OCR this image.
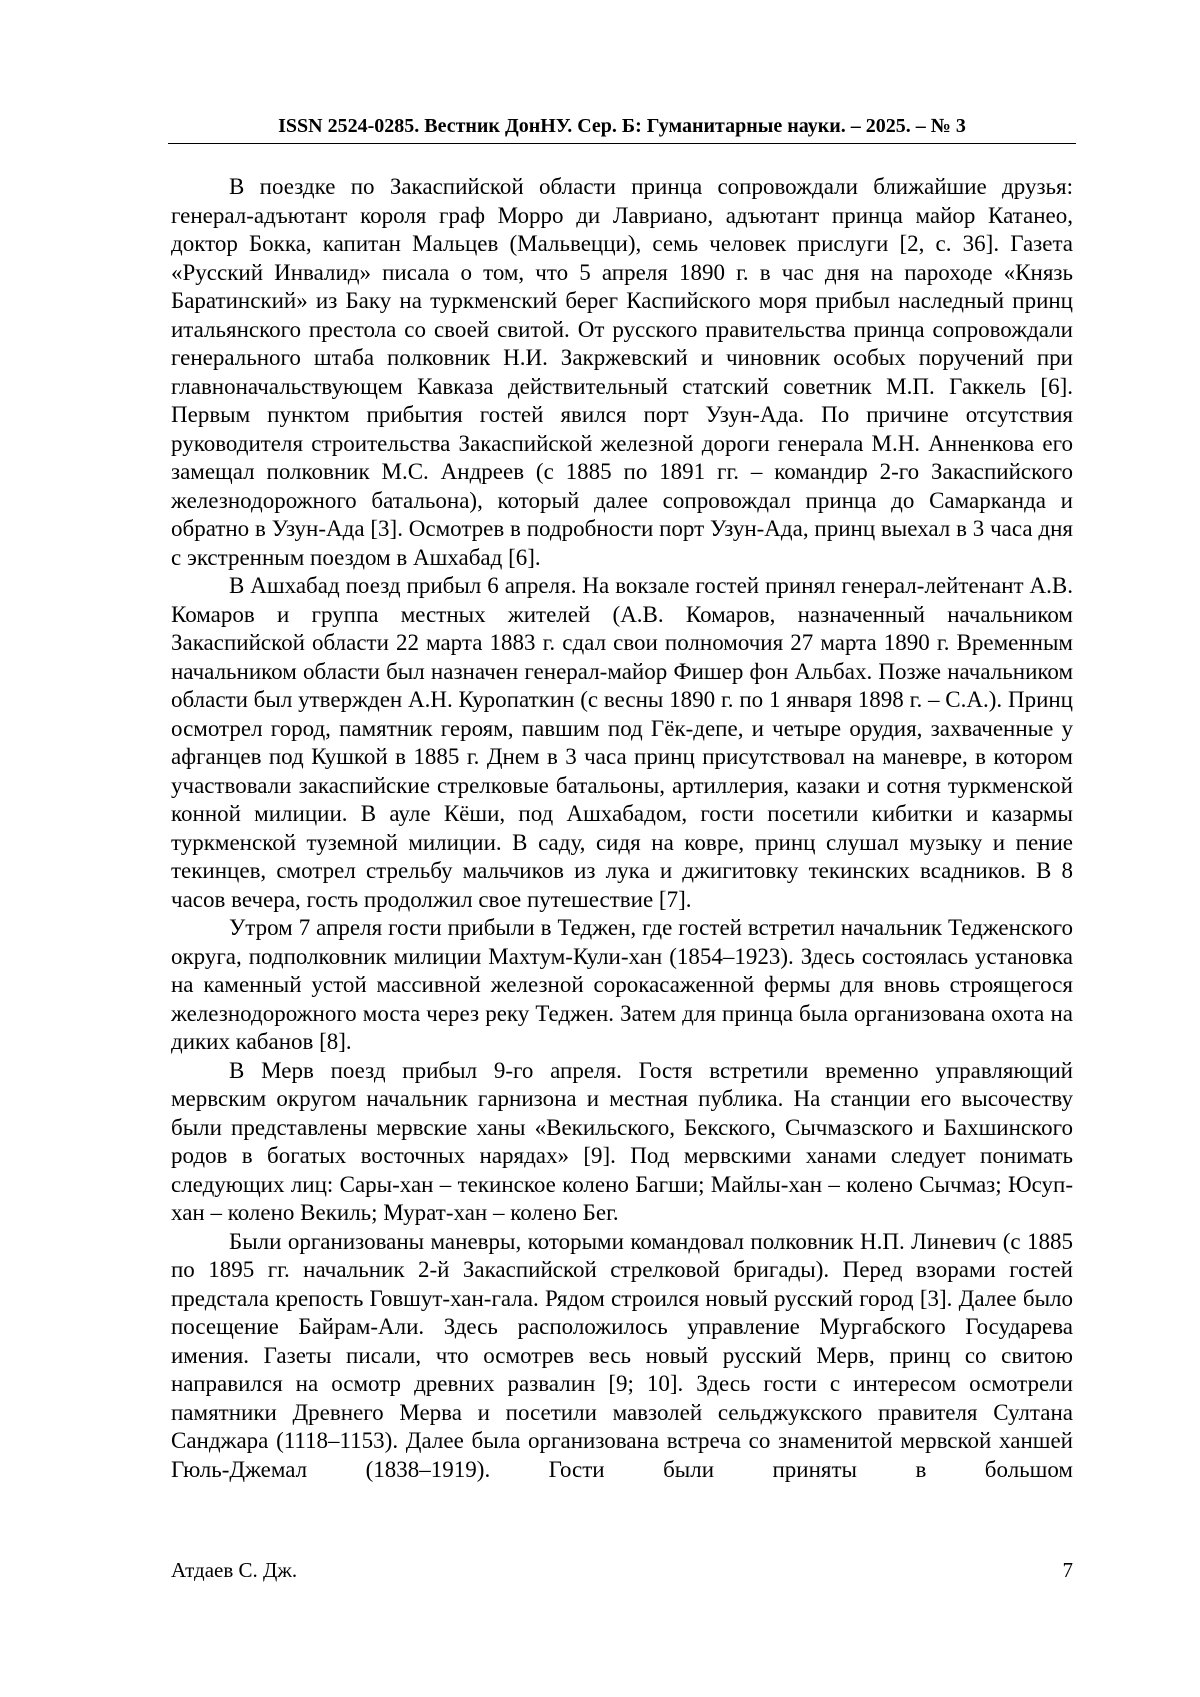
ISSN 2524-0285. Вестник ДонНУ. Сер. Б: Гуманитарные науки. – 2025. – № 3

В поездке по Закаспийской области принца сопровождали ближайшие друзья: генерал-адъютант короля граф Морро ди Лавриано, адъютант принца майор Катанео, доктор Бокка, капитан Мальцев (Мальвецци), семь человек прислуги [2, с. 36]. Газета «Русский Инвалид» писала о том, что 5 апреля 1890 г. в час дня на пароходе «Князь Баратинский» из Баку на туркменский берег Каспийского моря прибыл наследный принц итальянского престола со своей свитой. От русского правительства принца сопровождали генерального штаба полковник Н.И. Закржевский и чиновник особых поручений при главноначальствующем Кавказа действительный статский советник М.П. Гаккель [6]. Первым пунктом прибытия гостей явился порт Узун-Ада. По причине отсутствия руководителя строительства Закаспийской железной дороги генерала М.Н. Анненкова его замещал полковник М.С. Андреев (с 1885 по 1891 гг. – командир 2-го Закаспийского железнодорожного батальона), который далее сопровождал принца до Самарканда и обратно в Узун-Ада [3]. Осмотрев в подробности порт Узун-Ада, принц выехал в 3 часа дня с экстренным поездом в Ашхабад [6].

В Ашхабад поезд прибыл 6 апреля. На вокзале гостей принял генерал-лейтенант А.В. Комаров и группа местных жителей (А.В. Комаров, назначенный начальником Закаспийской области 22 марта 1883 г. сдал свои полномочия 27 марта 1890 г. Временным начальником области был назначен генерал-майор Фишер фон Альбах. Позже начальником области был утвержден А.Н. Куропаткин (с весны 1890 г. по 1 января 1898 г. – С.А.). Принц осмотрел город, памятник героям, павшим под Гёк-депе, и четыре орудия, захваченные у афганцев под Кушкой в 1885 г. Днем в 3 часа принц присутствовал на маневре, в котором участвовали закаспийские стрелковые батальоны, артиллерия, казаки и сотня туркменской конной милиции. В ауле Кёши, под Ашхабадом, гости посетили кибитки и казармы туркменской туземной милиции. В саду, сидя на ковре, принц слушал музыку и пение текинцев, смотрел стрельбу мальчиков из лука и джигитовку текинских всадников. В 8 часов вечера, гость продолжил свое путешествие [7].

Утром 7 апреля гости прибыли в Теджен, где гостей встретил начальник Тедженского округа, подполковник милиции Махтум-Кули-хан (1854–1923). Здесь состоялась установка на каменный устой массивной железной сорокасаженной фермы для вновь строящегося железнодорожного моста через реку Теджен. Затем для принца была организована охота на диких кабанов [8].

В Мерв поезд прибыл 9-го апреля. Гостя встретили временно управляющий мервским округом начальник гарнизона и местная публика. На станции его высочеству были представлены мервские ханы «Векильского, Бекского, Сычмазского и Бахшинского родов в богатых восточных нарядах» [9]. Под мервскими ханами следует понимать следующих лиц: Сары-хан – текинское колено Багши; Майлы-хан – колено Сычмаз; Юсуп-хан – колено Векиль; Мурат-хан – колено Бег.

Были организованы маневры, которыми командовал полковник Н.П. Линевич (с 1885 по 1895 гг. начальник 2-й Закаспийской стрелковой бригады). Перед взорами гостей предстала крепость Говшут-хан-гала. Рядом строился новый русский город [3]. Далее было посещение Байрам-Али. Здесь расположилось управление Мургабского Государева имения. Газеты писали, что осмотрев весь новый русский Мерв, принц со свитою направился на осмотр древних развалин [9; 10]. Здесь гости с интересом осмотрели памятники Древнего Мерва и посетили мавзолей сельджукского правителя Султана Санджара (1118–1153). Далее была организована встреча со знаменитой мервской ханшей Гюль-Джемал (1838–1919). Гости были приняты в большом

Атдаев С. Дж.	7
